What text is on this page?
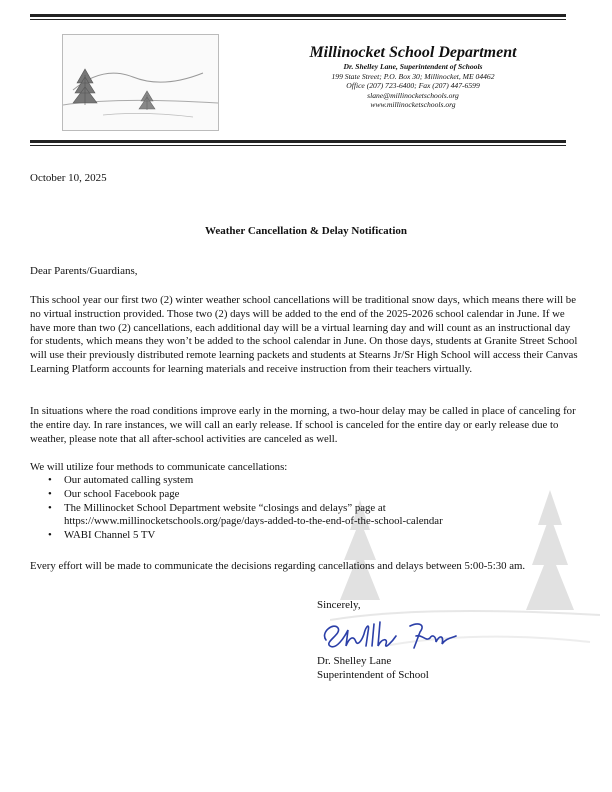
Millinocket School Department
Dr. Shelley Lane, Superintendent of Schools
199 State Street; P.O. Box 30; Millinocket, ME 04462
Office (207) 723-6400; Fax (207) 447-6599
slane@millinocketschools.org
www.millinocketschools.org
October 10, 2025
Weather Cancellation & Delay Notification
Dear Parents/Guardians,

This school year our first two (2) winter weather school cancellations will be traditional snow days, which means there will be no virtual instruction provided. Those two (2) days will be added to the end of the 2025-2026 school calendar in June. If we have more than two (2) cancellations, each additional day will be a virtual learning day and will count as an instructional day for students, which means they won’t be added to the school calendar in June. On those days, students at Granite Street School will use their previously distributed remote learning packets and students at Stearns Jr/Sr High School will access their Canvas Learning Platform accounts for learning materials and receive instruction from their teachers virtually.

In situations where the road conditions improve early in the morning, a two-hour delay may be called in place of canceling for the entire day. In rare instances, we will call an early release. If school is canceled for the entire day or early release due to weather, please note that all after-school activities are canceled as well.

We will utilize four methods to communicate cancellations:

• Our automated calling system
• Our school Facebook page
• The Millinocket School Department website “closings and delays” page at https://www.millinocketschools.org/page/days-added-to-the-end-of-the-school-calendar
• WABI Channel 5 TV

Every effort will be made to communicate the decisions regarding cancellations and delays between 5:00-5:30 am.

Sincerely,
Dr. Shelley Lane
Superintendent of School
